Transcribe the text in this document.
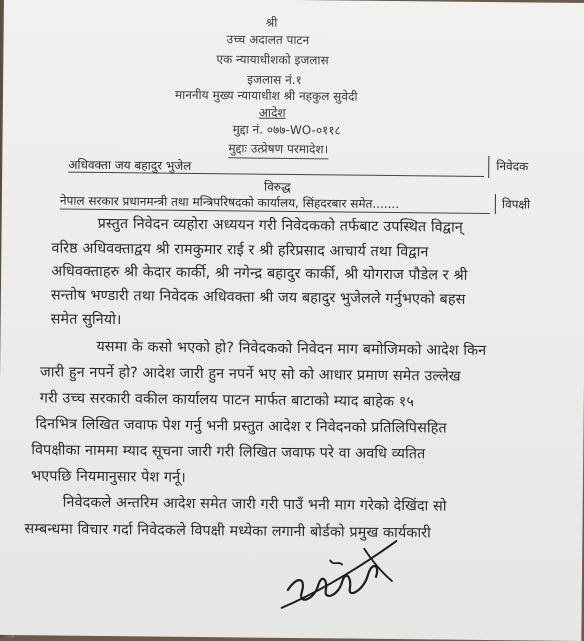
श्री
उच्च अदालत पाटन
एक न्यायाधीशको इजलास
इजलास नं.१
माननीय मुख्य न्यायाधीश श्री नहकुल सुवेदी
आदेश
मुद्दा नं. ०७७-WO-०११८
मुद्दाः उत्प्रेषण परमादेश।
अधिवक्ता जय बहादुर भुजेल	निवेदक
विरुद्ध
नेपाल सरकार प्रधानमन्त्री तथा मन्त्रिपरिषदको कार्यालय, सिंहदरबार समेत.......	विपक्षी
प्रस्तुत निवेदन व्यहोरा अध्ययन गरी निवेदकको तर्फबाट उपस्थित विद्वान्
वरिष्ठ अधिवक्ताद्वय श्री रामकुमार राई र श्री हरिप्रसाद आचार्य तथा विद्वान
अधिवक्ताहरु श्री केदार कार्की, श्री नगेन्द्र बहादुर कार्की, श्री योगराज पौडेल र श्री
सन्तोष भण्डारी तथा निवेदक अधिवक्ता श्री जय बहादुर भुजेलले गर्नुभएको बहस
समेत सुनियो।
यसमा के कसो भएको हो? निवेदकको निवेदन माग बमोजिमको आदेश किन
जारी हुन नपर्ने हो? आदेश जारी हुन नपर्ने भए सो को आधार प्रमाण समेत उल्लेख
गरी उच्च सरकारी वकील कार्यालय पाटन मार्फत बाटाको म्याद बाहेक १५
दिनभित्र लिखित जवाफ पेश गर्नु भनी प्रस्तुत आदेश र निवेदनको प्रतिलिपिसहित
विपक्षीका नाममा म्याद सूचना जारी गरी लिखित जवाफ परे वा अवधि व्यतित
भएपछि नियमानुसार पेश गर्नू।
निवेदकले अन्तरिम आदेश समेत जारी गरी पाउँ भनी माग गरेको देखिंदा सो
सम्बन्धमा विचार गर्दा निवेदकले विपक्षी मध्येका लगानी बोर्डको प्रमुख कार्यकारी
